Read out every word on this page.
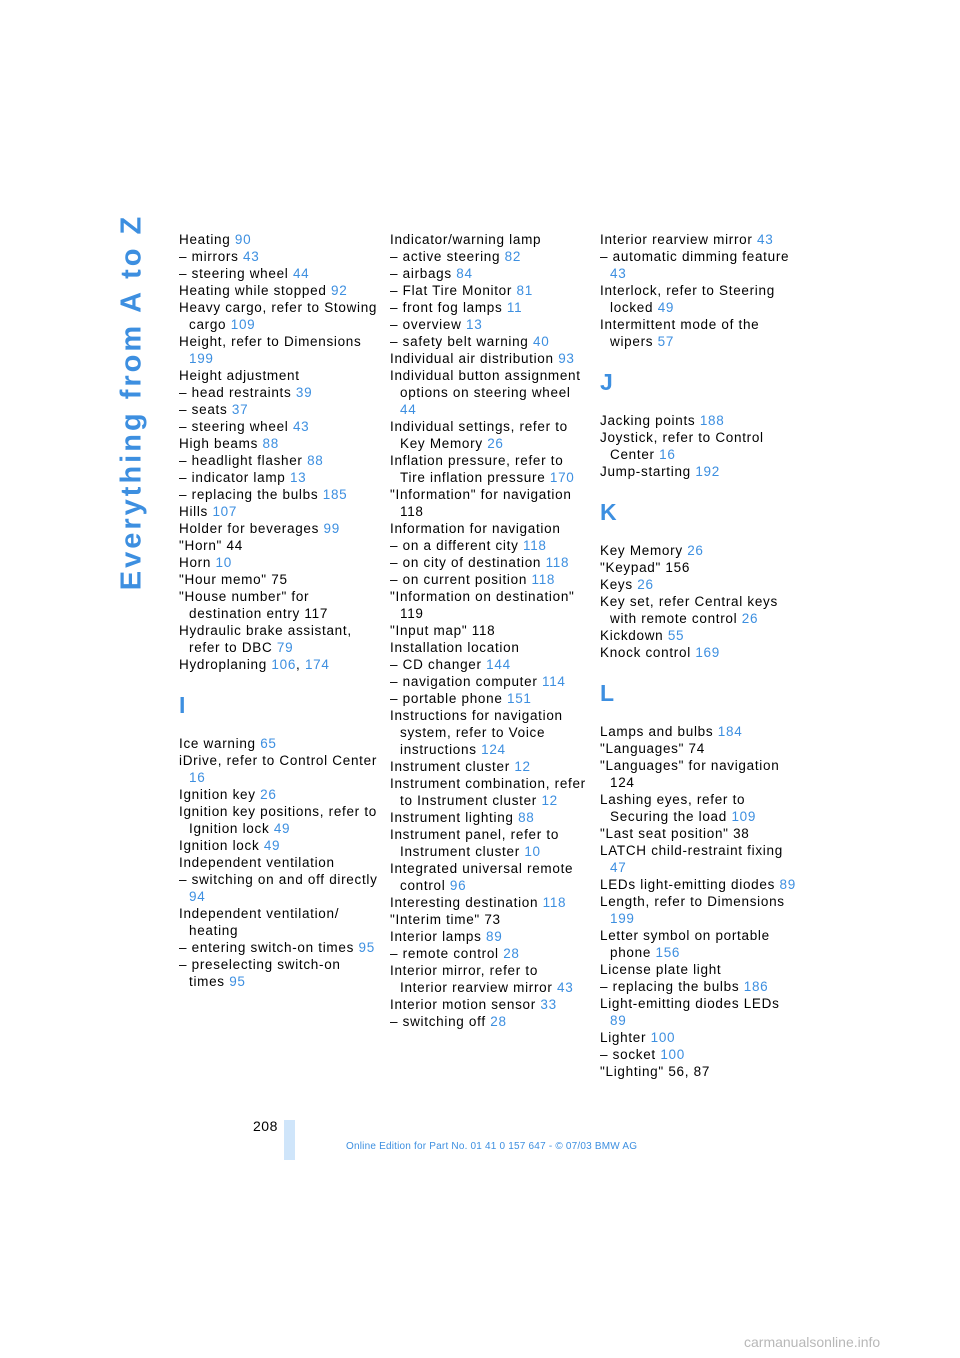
Everything from A to Z Heating 90

– mirrors 43

– steering wheel 44

Heating while stopped 92

Heavy cargo, refer to Stowing cargo 109

Height, refer to Dimensions 199

Height adjustment

– head restraints 39

– seats 37

– steering wheel 43

High beams 88

– headlight flasher 88

– indicator lamp 13

– replacing the bulbs 185

Hills 107

Holder for beverages 99

"Horn" 44

Horn 10

"Hour memo" 75

"House number" for destination entry 117

Hydraulic brake assistant, refer to DBC 79

Hydroplaning 106, 174

I

Ice warning 65

iDrive, refer to Control Center 16

Ignition key 26

Ignition key positions, refer to Ignition lock 49

Ignition lock 49

Independent ventilation

– switching on and off directly 94

Independent ventilation/ heating

– entering switch-on times 95

– preselecting switch-on times 95

Indicator/warning lamp

– active steering 82

– airbags 84

– Flat Tire Monitor 81

– front fog lamps 11

– overview 13

– safety belt warning 40

Individual air distribution 93

Individual button assignment options on steering wheel 44

Individual settings, refer to Key Memory 26

Inflation pressure, refer to Tire inflation pressure 170

"Information" for navigation 118

Information for navigation

– on a different city 118

– on city of destination 118

– on current position 118

"Information on destination" 119

"Input map" 118

Installation location

– CD changer 144

– navigation computer 114

– portable phone 151

Instructions for navigation system, refer to Voice instructions 124

Instrument cluster 12

Instrument combination, refer to Instrument cluster 12

Instrument lighting 88

Instrument panel, refer to Instrument cluster 10

Integrated universal remote control 96

Interesting destination 118

"Interim time" 73

Interior lamps 89

– remote control 28

Interior mirror, refer to Interior rearview mirror 43

Interior motion sensor 33

– switching off 28

Interior rearview mirror 43

– automatic dimming feature 43

Interlock, refer to Steering locked 49

Intermittent mode of the wipers 57

J

Jacking points 188

Joystick, refer to Control Center 16

Jump-starting 192

K

Key Memory 26

"Keypad" 156

Keys 26

Key set, refer Central keys with remote control 26

Kickdown 55

Knock control 169

L

Lamps and bulbs 184

"Languages" 74

"Languages" for navigation 124

Lashing eyes, refer to Securing the load 109

"Last seat position" 38

LATCH child-restraint fixing 47

LEDs light-emitting diodes 89

Length, refer to Dimensions 199

Letter symbol on portable phone 156

License plate light

– replacing the bulbs 186

Light-emitting diodes LEDs 89

Lighter 100

– socket 100

"Lighting" 56, 87

208
Online Edition for Part No. 01 41 0 157 647 - © 07/03 BMW AG
carmanualsonline.info
